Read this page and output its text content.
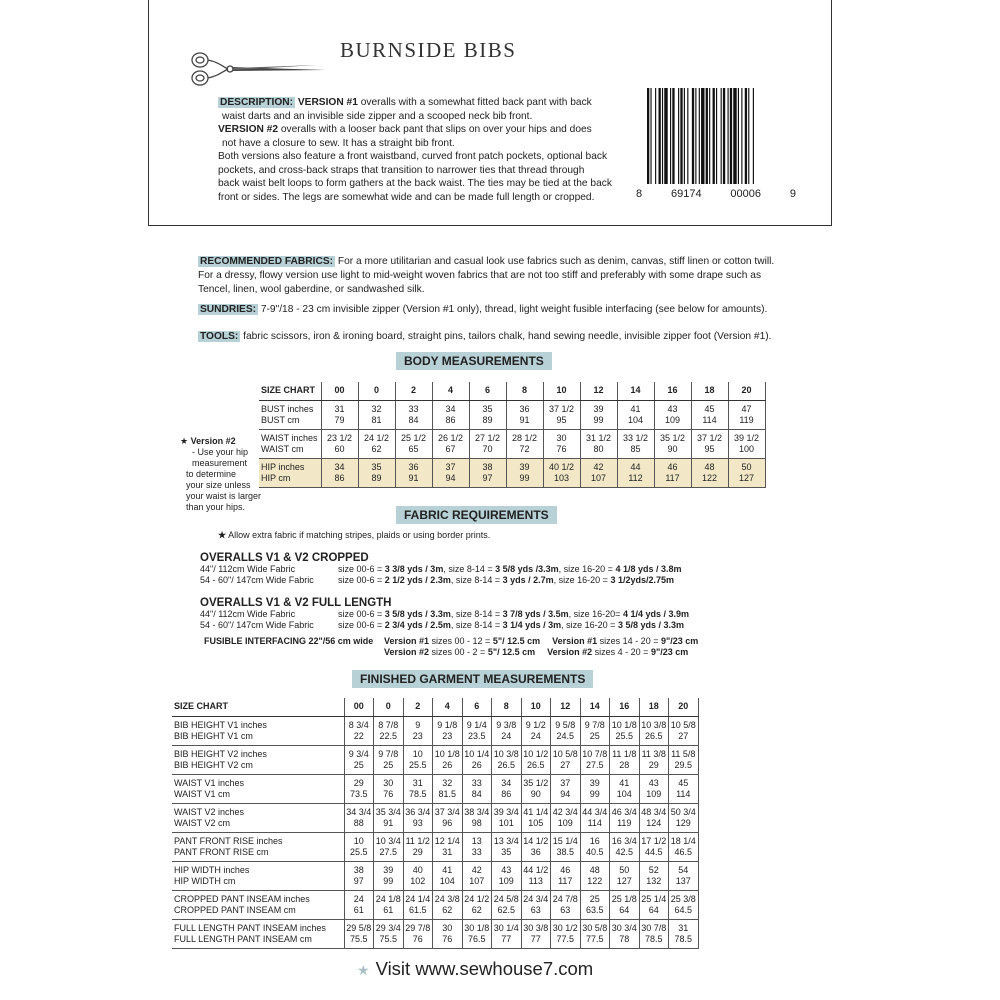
BURNSIDE BIBS
DESCRIPTION: VERSION #1 overalls with a somewhat fitted back pant with back
waist darts and an invisible side zipper and a scooped neck bib front.
VERSION #2 overalls with a looser back pant that slips on over your hips and does
not have a closure to sew. It has a straight bib front.
Both versions also feature a front waistband, curved front patch pockets, optional back
pockets, and cross-back straps that transition to narrower ties that thread through
back waist belt loops to form gathers at the back waist. The ties may be tied at the back
front or sides. The legs are somewhat wide and can be made full length or cropped.	8	69174	00006	9
RECOMMENDED FABRICS: For a more utilitarian and casual look use fabrics such as denim, canvas, stiff linen or cotton twill.
For a dressy, flowy version use light to mid-weight woven fabrics that are not too stiff and preferably with some drape such as
Tencel, linen, wool gaberdine, or sandwashed silk.
SUNDRIES: 7-9"/18 - 23 cm invisible zipper (Version #1 only), thread, light weight fusible interfacing (see below for amounts).
TOOLS: fabric scissors, iron & ironing board, straight pins, tailors chalk, hand sewing needle, invisible zipper foot (Version #1).
BODY MEASUREMENTS
★ Version #2
- Use your hip
measurement
to determine
your size unless
your waist is larger
than your hips.
SIZE CHART	00	0	2	4	6	8	10	12	14	16	18	20
BUST inches	31	32	33	34	35	36	37 1/2	39	41	43	45	47
BUST cm	79	81	84	86	89	91	95	99	104	109	114	119
WAIST inches	23 1/2	24 1/2	25 1/2	26 1/2	27 1/2	28 1/2	30	31 1/2	33 1/2	35 1/2	37 1/2	39 1/2
WAIST cm	60	62	65	67	70	72	76	80	85	90	95	100
HIP inches	34	35	36	37	38	39	40 1/2	42	44	46	48	50
HIP cm	86	89	91	94	97	99	103	107	112	117	122	127
FABRIC REQUIREMENTS
★ Allow extra fabric if matching stripes, plaids or using border prints.
OVERALLS V1 & V2 CROPPED
44"/ 112cm Wide Fabric	size 00-6 = 3 3/8 yds / 3m, size 8-14 = 3 5/8 yds /3.3m, size 16-20 = 4 1/8 yds / 3.8m
54 - 60"/ 147cm Wide Fabric	size 00-6 = 2 1/2 yds / 2.3m, size 8-14 = 3 yds / 2.7m, size 16-20 = 3 1/2yds/2.75m
OVERALLS V1 & V2 FULL LENGTH
44"/ 112cm Wide Fabric	size 00-6 = 3 5/8 yds / 3.3m, size 8-14 = 3 7/8 yds / 3.5m, size 16-20= 4 1/4 yds / 3.9m
54 - 60"/ 147cm Wide Fabric	size 00-6 = 2 3/4 yds / 2.5m, size 8-14 = 3 1/4 yds / 3m, size 16-20 = 3 5/8 yds / 3.3m
FUSIBLE INTERFACING 22"/56 cm wide	Version #1 sizes 00 - 12 = 5"/ 12.5 cm Version #1 sizes 14 - 20 = 9"/23 cm
Version #2 sizes 00 - 2 = 5"/ 12.5 cm Version #2 sizes 4 - 20 = 9"/23 cm
FINISHED GARMENT MEASUREMENTS
SIZE CHART	00	0	2	4	6	8	10	12	14	16	18	20
BIB HEIGHT V1 inches	8 3/4	8 7/8	9	9 1/8	9 1/4	9 3/8	9 1/2	9 5/8	9 7/8	10 1/8	10 3/8	10 5/8
BIB HEIGHT V1 cm	22	22.5	23	23	23.5	24	24	24.5	25	25.5	26.5	27
BIB HEIGHT V2 inches	9 3/4	9 7/8	10	10 1/8	10 1/4	10 3/8	10 1/2	10 5/8	10 7/8	11 1/8	11 3/8	11 5/8
BIB HEIGHT V2 cm	25	25	25.5	26	26	26.5	26.5	27	27.5	28	29	29.5
WAIST V1 inches	29	30	31	32	33	34	35 1/2	37	39	41	43	45
WAIST V1 cm	73.5	76	78.5	81.5	84	86	90	94	99	104	109	114
WAIST V2 inches	34 3/4	35 3/4	36 3/4	37 3/4	38 3/4	39 3/4	41 1/4	42 3/4	44 3/4	46 3/4	48 3/4	50 3/4
WAIST V2 cm	88	91	93	96	98	101	105	109	114	119	124	129
PANT FRONT RISE inches	10	10 3/4	11 1/2	12 1/4	13	13 3/4	14 1/2	15 1/4	16	16 3/4	17 1/2	18 1/4
PANT FRONT RISE cm	25.5	27.5	29	31	33	35	36	38.5	40.5	42.5	44.5	46.5
HIP WIDTH inches	38	39	40	41	42	43	44 1/2	46	48	50	52	54
HIP WIDTH cm	97	99	102	104	107	109	113	117	122	127	132	137
CROPPED PANT INSEAM inches	24	24 1/8	24 1/4	24 3/8	24 1/2	24 5/8	24 3/4	24 7/8	25	25 1/8	25 1/4	25 3/8
CROPPED PANT INSEAM cm	61	61	61.5	62	62	62.5	63	63	63.5	64	64	64.5
FULL LENGTH PANT INSEAM inches	29 5/8	29 3/4	29 7/8	30	30 1/8	30 1/4	30 3/8	30 1/2	30 5/8	30 3/4	30 7/8	31
FULL LENGTH PANT INSEAM cm	75.5	75.5	76	76	76.5	77	77	77.5	77.5	78	78.5	78.5
★ Visit www.sewhouse7.com
